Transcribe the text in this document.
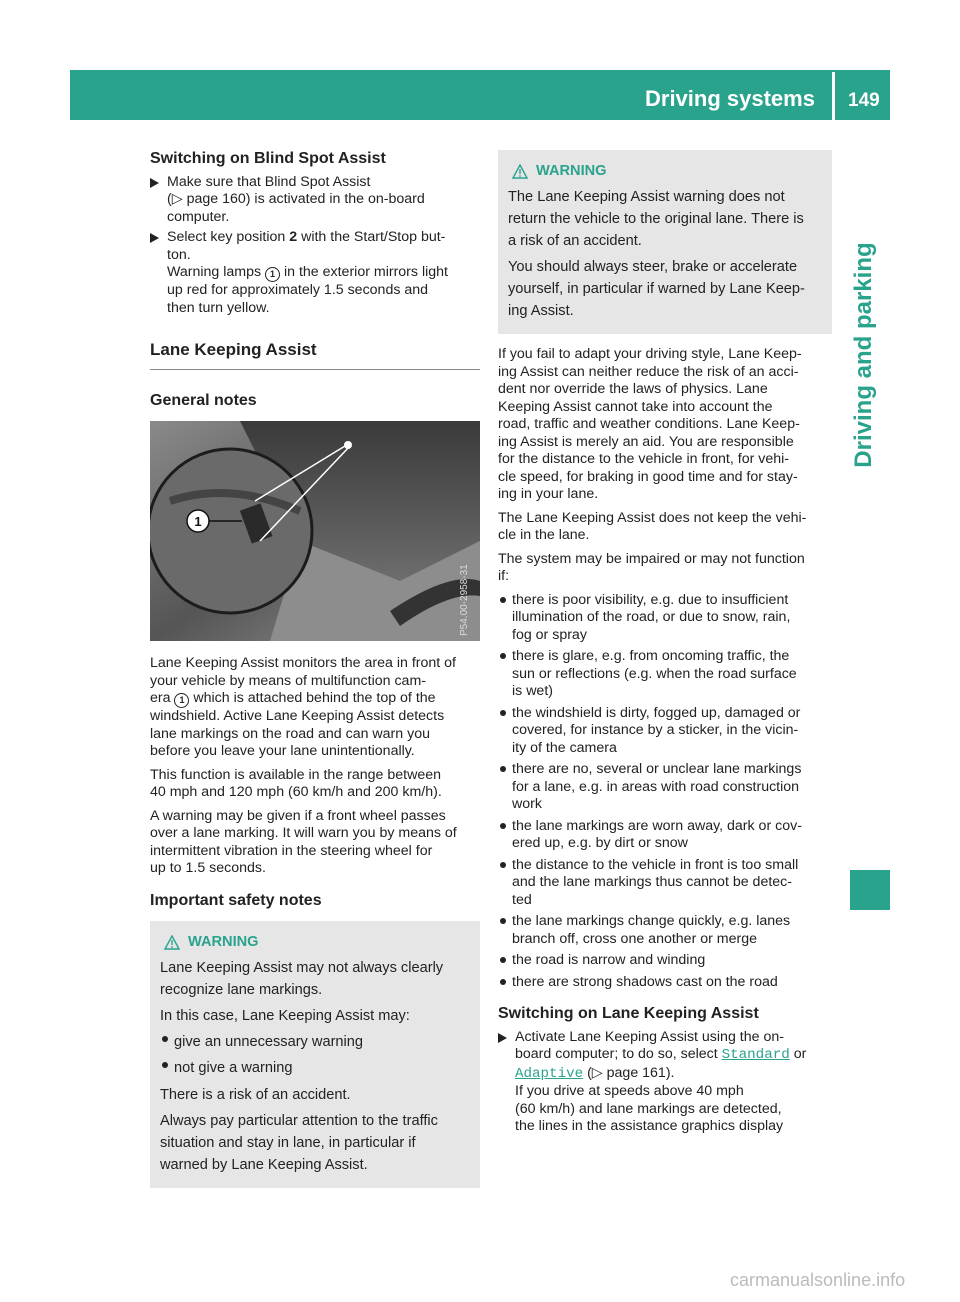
Driving systems 149
Driving and parking
Switching on Blind Spot Assist
Make sure that Blind Spot Assist
(▷ page 160) is activated in the on-board
computer.
Select key position 2 with the Start/Stop but-
ton.
Warning lamps 1 in the exterior mirrors light
up red for approximately 1.5 seconds and
then turn yellow.
Lane Keeping Assist
General notes
1
P54.00-2958-31

Lane Keeping Assist monitors the area in front of
your vehicle by means of multifunction cam-
era 1 which is attached behind the top of the
windshield. Active Lane Keeping Assist detects
lane markings on the road and can warn you
before you leave your lane unintentionally.

This function is available in the range between
40 mph and 120 mph (60 km/h and 200 km/h).

A warning may be given if a front wheel passes
over a lane marking. It will warn you by means of
intermittent vibration in the steering wheel for
up to 1.5 seconds.

Important safety notes
WARNING

Lane Keeping Assist may not always clearly
recognize lane markings.

In this case, Lane Keeping Assist may:

give an unnecessary warning
not give a warning

There is a risk of an accident.

Always pay particular attention to the traffic
situation and stay in lane, in particular if
warned by Lane Keeping Assist.

WARNING

The Lane Keeping Assist warning does not
return the vehicle to the original lane. There is
a risk of an accident.

You should always steer, brake or accelerate
yourself, in particular if warned by Lane Keep-
ing Assist.

If you fail to adapt your driving style, Lane Keep-
ing Assist can neither reduce the risk of an acci-
dent nor override the laws of physics. Lane
Keeping Assist cannot take into account the
road, traffic and weather conditions. Lane Keep-
ing Assist is merely an aid. You are responsible
for the distance to the vehicle in front, for vehi-
cle speed, for braking in good time and for stay-
ing in your lane.

The Lane Keeping Assist does not keep the vehi-
cle in the lane.

The system may be impaired or may not function
if:

there is poor visibility, e.g. due to insufficient
illumination of the road, or due to snow, rain,
fog or spray
there is glare, e.g. from oncoming traffic, the
sun or reflections (e.g. when the road surface
is wet)
the windshield is dirty, fogged up, damaged or
covered, for instance by a sticker, in the vicin-
ity of the camera
there are no, several or unclear lane markings
for a lane, e.g. in areas with road construction
work
the lane markings are worn away, dark or cov-
ered up, e.g. by dirt or snow
the distance to the vehicle in front is too small
and the lane markings thus cannot be detec-
ted
the lane markings change quickly, e.g. lanes
branch off, cross one another or merge
the road is narrow and winding
there are strong shadows cast on the road
Switching on Lane Keeping Assist
Activate Lane Keeping Assist using the on-
board computer; to do so, select Standard or
Adaptive (▷ page 161).
If you drive at speeds above 40 mph
(60 km/h) and lane markings are detected,
the lines in the assistance graphics display
carmanualsonline.info
